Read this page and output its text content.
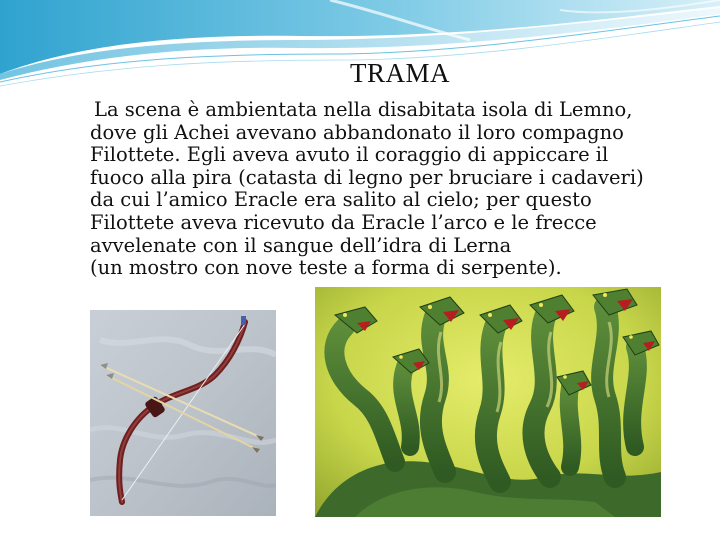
TRAMA

La scena è ambientata nella disabitata isola di Lemno,
dove gli Achei avevano abbandonato il loro compagno
Filottete. Egli aveva avuto il coraggio di appiccare il
fuoco alla pira (catasta di legno per bruciare i cadaveri)
da cui l’amico Eracle era salito al cielo; per questo
Filottete aveva ricevuto da Eracle l’arco e le frecce
avvelenate con il sangue dell’idra di Lerna
(un mostro con nove teste a forma di serpente).
